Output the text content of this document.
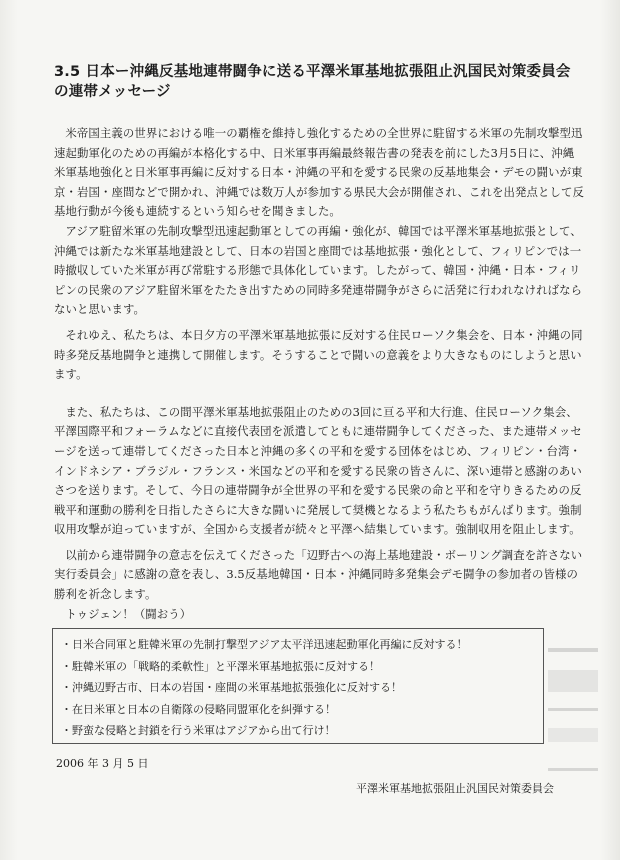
3.5 日本ー沖縄反基地連帯闘争に送る平澤米軍基地拡張阻止汎国民対策委員会の連帯メッセージ

米帝国主義の世界における唯一の覇権を維持し強化するための全世界に駐留する米軍の先制攻撃型迅速起動軍化のための再編が本格化する中、日米軍事再編最終報告書の発表を前にした3月5日に、沖縄米軍基地強化と日米軍事再編に反対する日本・沖縄の平和を愛する民衆の反基地集会・デモの闘いが東京・岩国・座間などで開かれ、沖縄では数万人が参加する県民大会が開催され、これを出発点として反基地行動が今後も連続するという知らせを聞きました。

アジア駐留米軍の先制攻撃型迅速起動軍としての再編・強化が、韓国では平澤米軍基地拡張として、沖縄では新たな米軍基地建設として、日本の岩国と座間では基地拡張・強化として、フィリピンでは一時撤収していた米軍が再び常駐する形態で具体化しています。したがって、韓国・沖縄・日本・フィリピンの民衆のアジア駐留米軍をたたき出すための同時多発連帯闘争がさらに活発に行われなければならないと思います。

それゆえ、私たちは、本日夕方の平澤米軍基地拡張に反対する住民ローソク集会を、日本・沖縄の同時多発反基地闘争と連携して開催します。そうすることで闘いの意義をより大きなものにしようと思います。

また、私たちは、この間平澤米軍基地拡張阻止のための3回に亘る平和大行進、住民ローソク集会、平澤国際平和フォーラムなどに直接代表団を派遣してともに連帯闘争してくださった、また連帯メッセージを送って連帯してくださった日本と沖縄の多くの平和を愛する団体をはじめ、フィリピン・台湾・インドネシア・ブラジル・フランス・米国などの平和を愛する民衆の皆さんに、深い連帯と感謝のあいさつを送ります。そして、今日の連帯闘争が全世界の平和を愛する民衆の命と平和を守りきるための反戦平和運動の勝利を日指したさらに大きな闘いに発展して奨機となるよう私たちもがんばります。強制収用攻撃が迫っていますが、全国から支援者が続々と平澤へ結集しています。強制収用を阻止します。

以前から連帯闘争の意志を伝えてくださった「辺野古への海上基地建設・ボーリング調査を許さない実行委員会」に感謝の意を表し、3.5反基地韓国・日本・沖縄同時多発集会デモ闘争の参加者の皆様の勝利を祈念します。

トゥジェン！（闘おう）

・日米合同軍と駐韓米軍の先制打撃型アジア太平洋迅速起動軍化再編に反対する！
・駐韓米軍の「戦略的柔軟性」と平澤米軍基地拡張に反対する！
・沖縄辺野古市、日本の岩国・座間の米軍基地拡張強化に反対する！
・在日米軍と日本の自衛隊の侵略同盟軍化を糾弾する！
・野蛮な侵略と封鎖を行う米軍はアジアから出て行け！
2006 年 3 月 5 日
平澤米軍基地拡張阻止汎国民対策委員会
